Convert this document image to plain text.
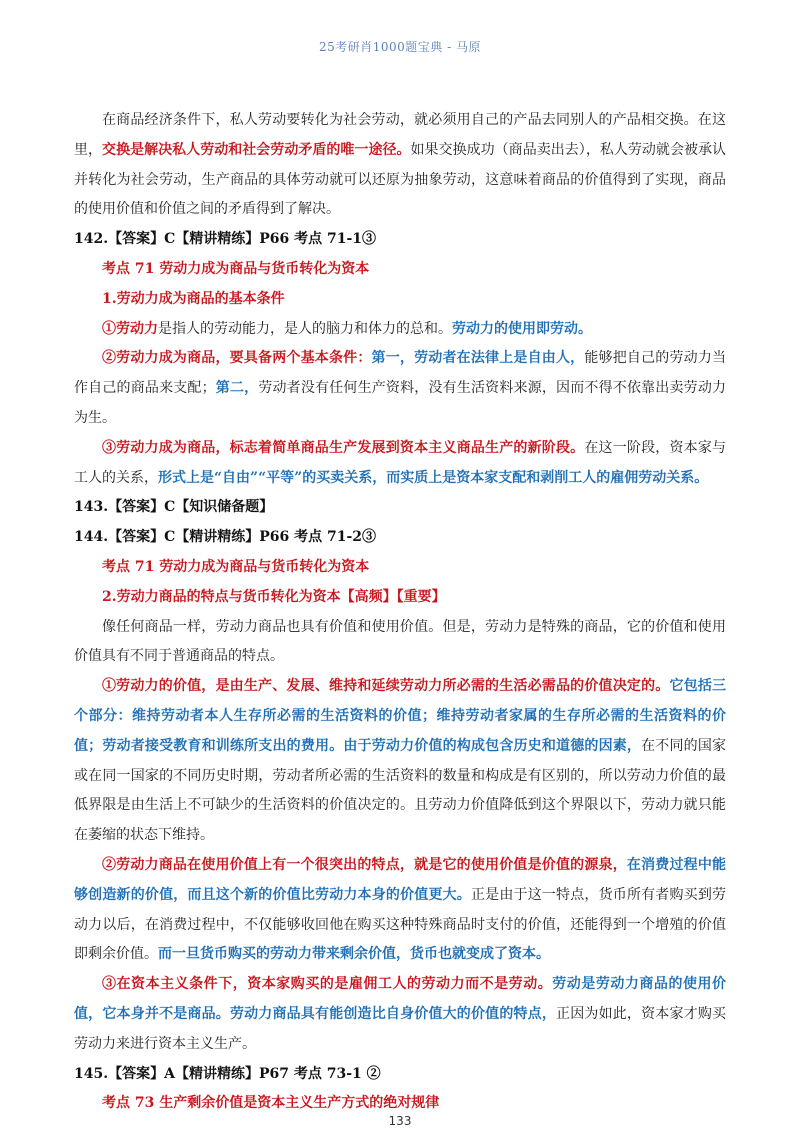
25考研肖1000题宝典 - 马原

在商品经济条件下，私人劳动要转化为社会劳动，就必须用自己的产品去同别人的产品相交换。在这里，交换是解决私人劳动和社会劳动矛盾的唯一途径。如果交换成功（商品卖出去），私人劳动就会被承认并转化为社会劳动，生产商品的具体劳动就可以还原为抽象劳动，这意味着商品的价值得到了实现，商品的使用价值和价值之间的矛盾得到了解决。

142.【答案】C【精讲精练】P66 考点 71-1③

考点 71 劳动力成为商品与货币转化为资本

1.劳动力成为商品的基本条件

①劳动力是指人的劳动能力，是人的脑力和体力的总和。劳动力的使用即劳动。

②劳动力成为商品，要具备两个基本条件：第一，劳动者在法律上是自由人，能够把自己的劳动力当作自己的商品来支配；第二，劳动者没有任何生产资料，没有生活资料来源，因而不得不依靠出卖劳动力为生。

③劳动力成为商品，标志着简单商品生产发展到资本主义商品生产的新阶段。在这一阶段，资本家与工人的关系，形式上是“自由”“平等”的买卖关系，而实质上是资本家支配和剥削工人的雇佣劳动关系。

143.【答案】C【知识储备题】

144.【答案】C【精讲精练】P66 考点 71-2③

考点 71 劳动力成为商品与货币转化为资本

2.劳动力商品的特点与货币转化为资本【高频】【重要】

像任何商品一样，劳动力商品也具有价值和使用价值。但是，劳动力是特殊的商品，它的价值和使用价值具有不同于普通商品的特点。

①劳动力的价值，是由生产、发展、维持和延续劳动力所必需的生活必需品的价值决定的。它包括三个部分：维持劳动者本人生存所必需的生活资料的价值；维持劳动者家属的生存所必需的生活资料的价值；劳动者接受教育和训练所支出的费用。由于劳动力价值的构成包含历史和道德的因素，在不同的国家或在同一国家的不同历史时期，劳动者所必需的生活资料的数量和构成是有区别的，所以劳动力价值的最低界限是由生活上不可缺少的生活资料的价值决定的。且劳动力价值降低到这个界限以下，劳动力就只能在萎缩的状态下维持。

②劳动力商品在使用价值上有一个很突出的特点，就是它的使用价值是价值的源泉，在消费过程中能够创造新的价值，而且这个新的价值比劳动力本身的价值更大。正是由于这一特点，货币所有者购买到劳动力以后，在消费过程中，不仅能够收回他在购买这种特殊商品时支付的价值，还能得到一个增殖的价值即剩余价值。而一旦货币购买的劳动力带来剩余价值，货币也就变成了资本。

③在资本主义条件下，资本家购买的是雇佣工人的劳动力而不是劳动。劳动是劳动力商品的使用价值，它本身并不是商品。劳动力商品具有能创造比自身价值大的价值的特点，正因为如此，资本家才购买劳动力来进行资本主义生产。

145.【答案】A【精讲精练】P67 考点 73-1 ②

考点 73 生产剩余价值是资本主义生产方式的绝对规律

133
